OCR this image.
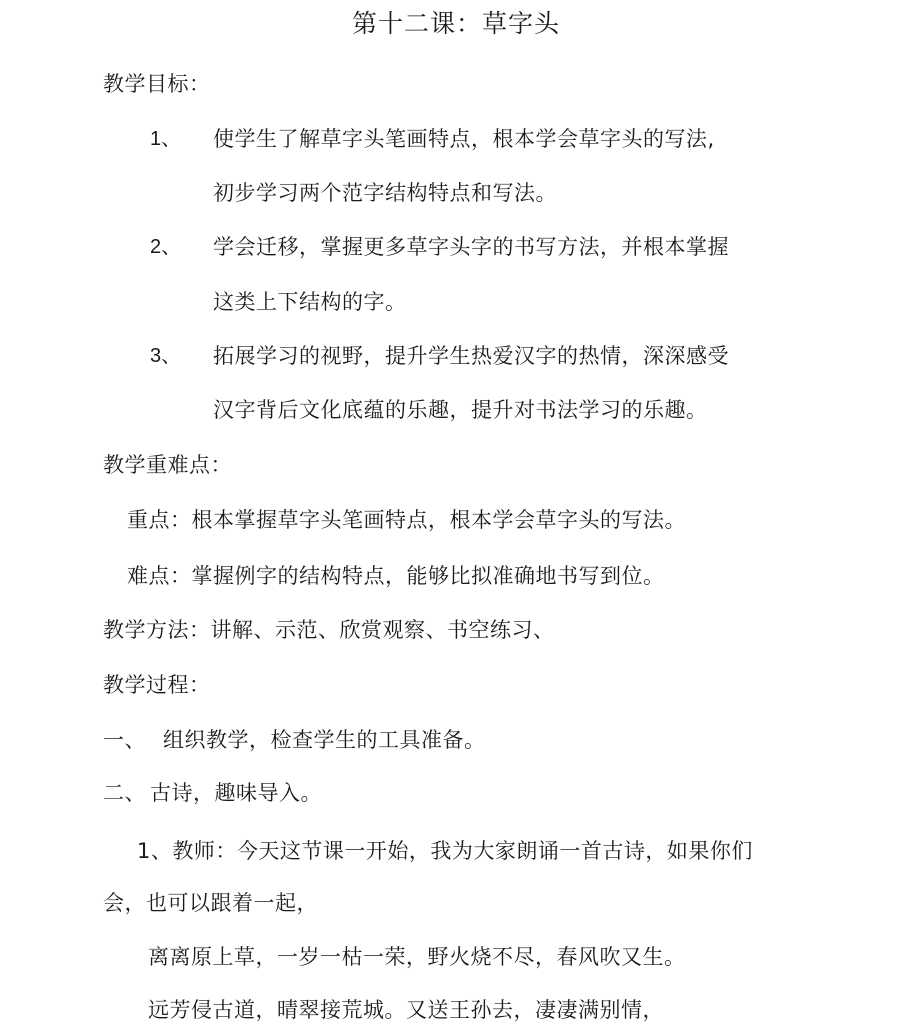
第十二课：草字头
教学目标：
1、 使学生了解草字头笔画特点，根本学会草字头的写法,
初步学习两个范字结构特点和写法。
2、 学会迁移，掌握更多草字头字的书写方法，并根本掌握
这类上下结构的字。
3、 拓展学习的视野，提升学生热爱汉字的热情，深深感受
汉字背后文化底蕴的乐趣，提升对书法学习的乐趣。
教学重难点：
重点：根本掌握草字头笔画特点，根本学会草字头的写法。
难点：掌握例字的结构特点，能够比拟准确地书写到位。
教学方法：讲解、示范、欣赏观察、书空练习、
教学过程：
一、 组织教学，检查学生的工具准备。
二、 古诗，趣味导入。
1、教师：今天这节课一开始，我为大家朗诵一首古诗，如果你们
会，也可以跟着一起，
离离原上草，一岁一枯一荣，野火烧不尽，春风吹又生。
远芳侵古道，晴翠接荒城。又送王孙去，凄凄满别情，
